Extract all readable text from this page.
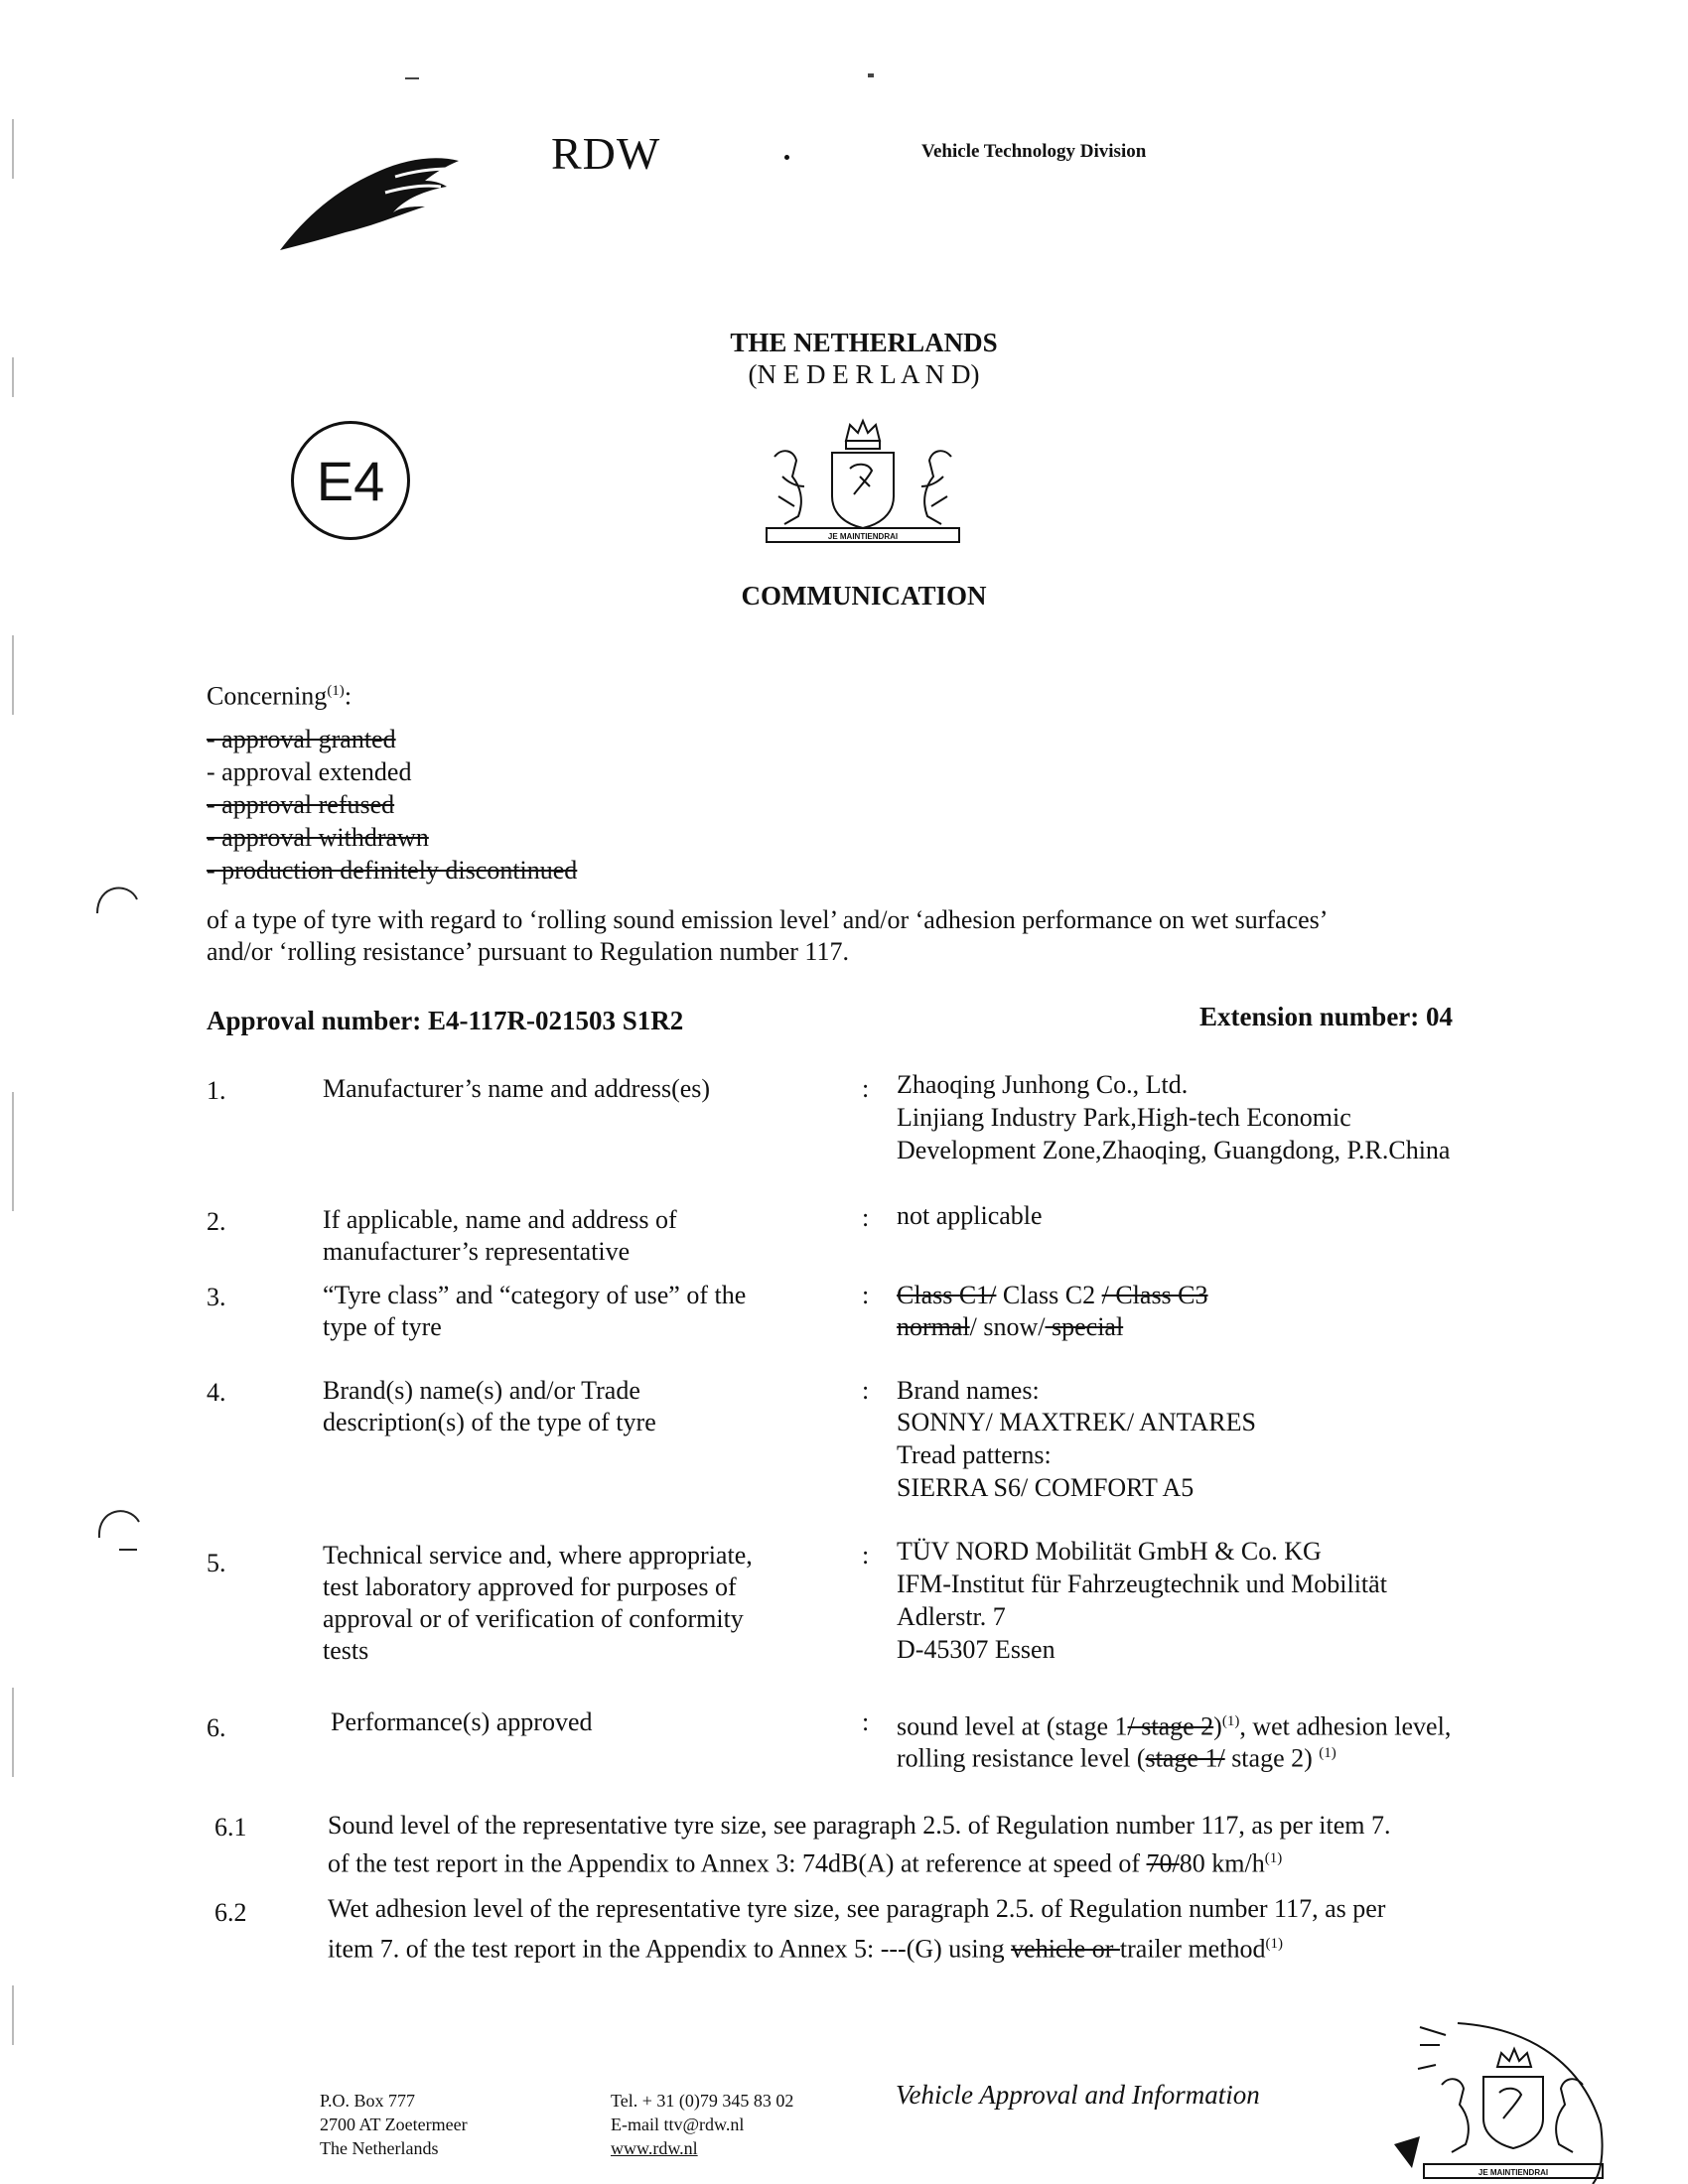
RDW	Vehicle Technology Division
THE NETHERLANDS
(N E D E R L A N D)
E4
JE MAINTIENDRAI
COMMUNICATION
Concerning$^{(1)}$:
- approval granted
- approval extended
- approval refused
- approval withdrawn
- production definitely discontinued
of a type of tyre with regard to ‘rolling sound emission level’ and/or ‘adhesion performance on wet surfaces’
and/or ‘rolling resistance’ pursuant to Regulation number 117.
Approval number: E4-117R-021503 S1R2	Extension number: 04
1.	Manufacturer’s name and address(es)	: Zhaoqing Junhong Co., Ltd.
Linjiang Industry Park,High-tech Economic
Development Zone,Zhaoqing, Guangdong, P.R.China
2.	If applicable, name and address of
manufacturer’s representative
: not applicable
3.	“Tyre class” and “category of use” of the
type of tyre
: Class C1/ Class C2 / Class C3
normal/ snow/ special
4.	Brand(s) name(s) and/or Trade
description(s) of the type of tyre
: Brand names:
SONNY/ MAXTREK/ ANTARES
Tread patterns:
SIERRA S6/ COMFORT A5
5.	Technical service and, where appropriate,
test laboratory approved for purposes of
approval or of verification of conformity
tests
: TÜV NORD Mobilität GmbH & Co. KG
IFM-Institut für Fahrzeugtechnik und Mobilität
Adlerstr. 7
D-45307 Essen
6.	Performance(s) approved	: sound level at (stage 1/ stage 2)$^{(1)}$, wet adhesion level,
rolling resistance level (stage 1/ stage 2) $^{(1)}$
6.1	Sound level of the representative tyre size, see paragraph 2.5. of Regulation number 117, as per item 7.
of the test report in the Appendix to Annex 3: 74dB(A) at reference at speed of 70/80 $km/h^{(1)}$
6.2	Wet adhesion level of the representative tyre size, see paragraph 2.5. of Regulation number 117, as per
item 7. of the test report in the Appendix to Annex 5: ---(G) using vehicle or trailer method$^{(1)}$
P.O. Box 777
2700 AT Zoetermeer
The Netherlands
Tel. + 31 (0)79 345 83 02
E-mail ttv@rdw.nl
www.rdw.nl
Vehicle Approval and Information
JE MAINTIENDRAI
